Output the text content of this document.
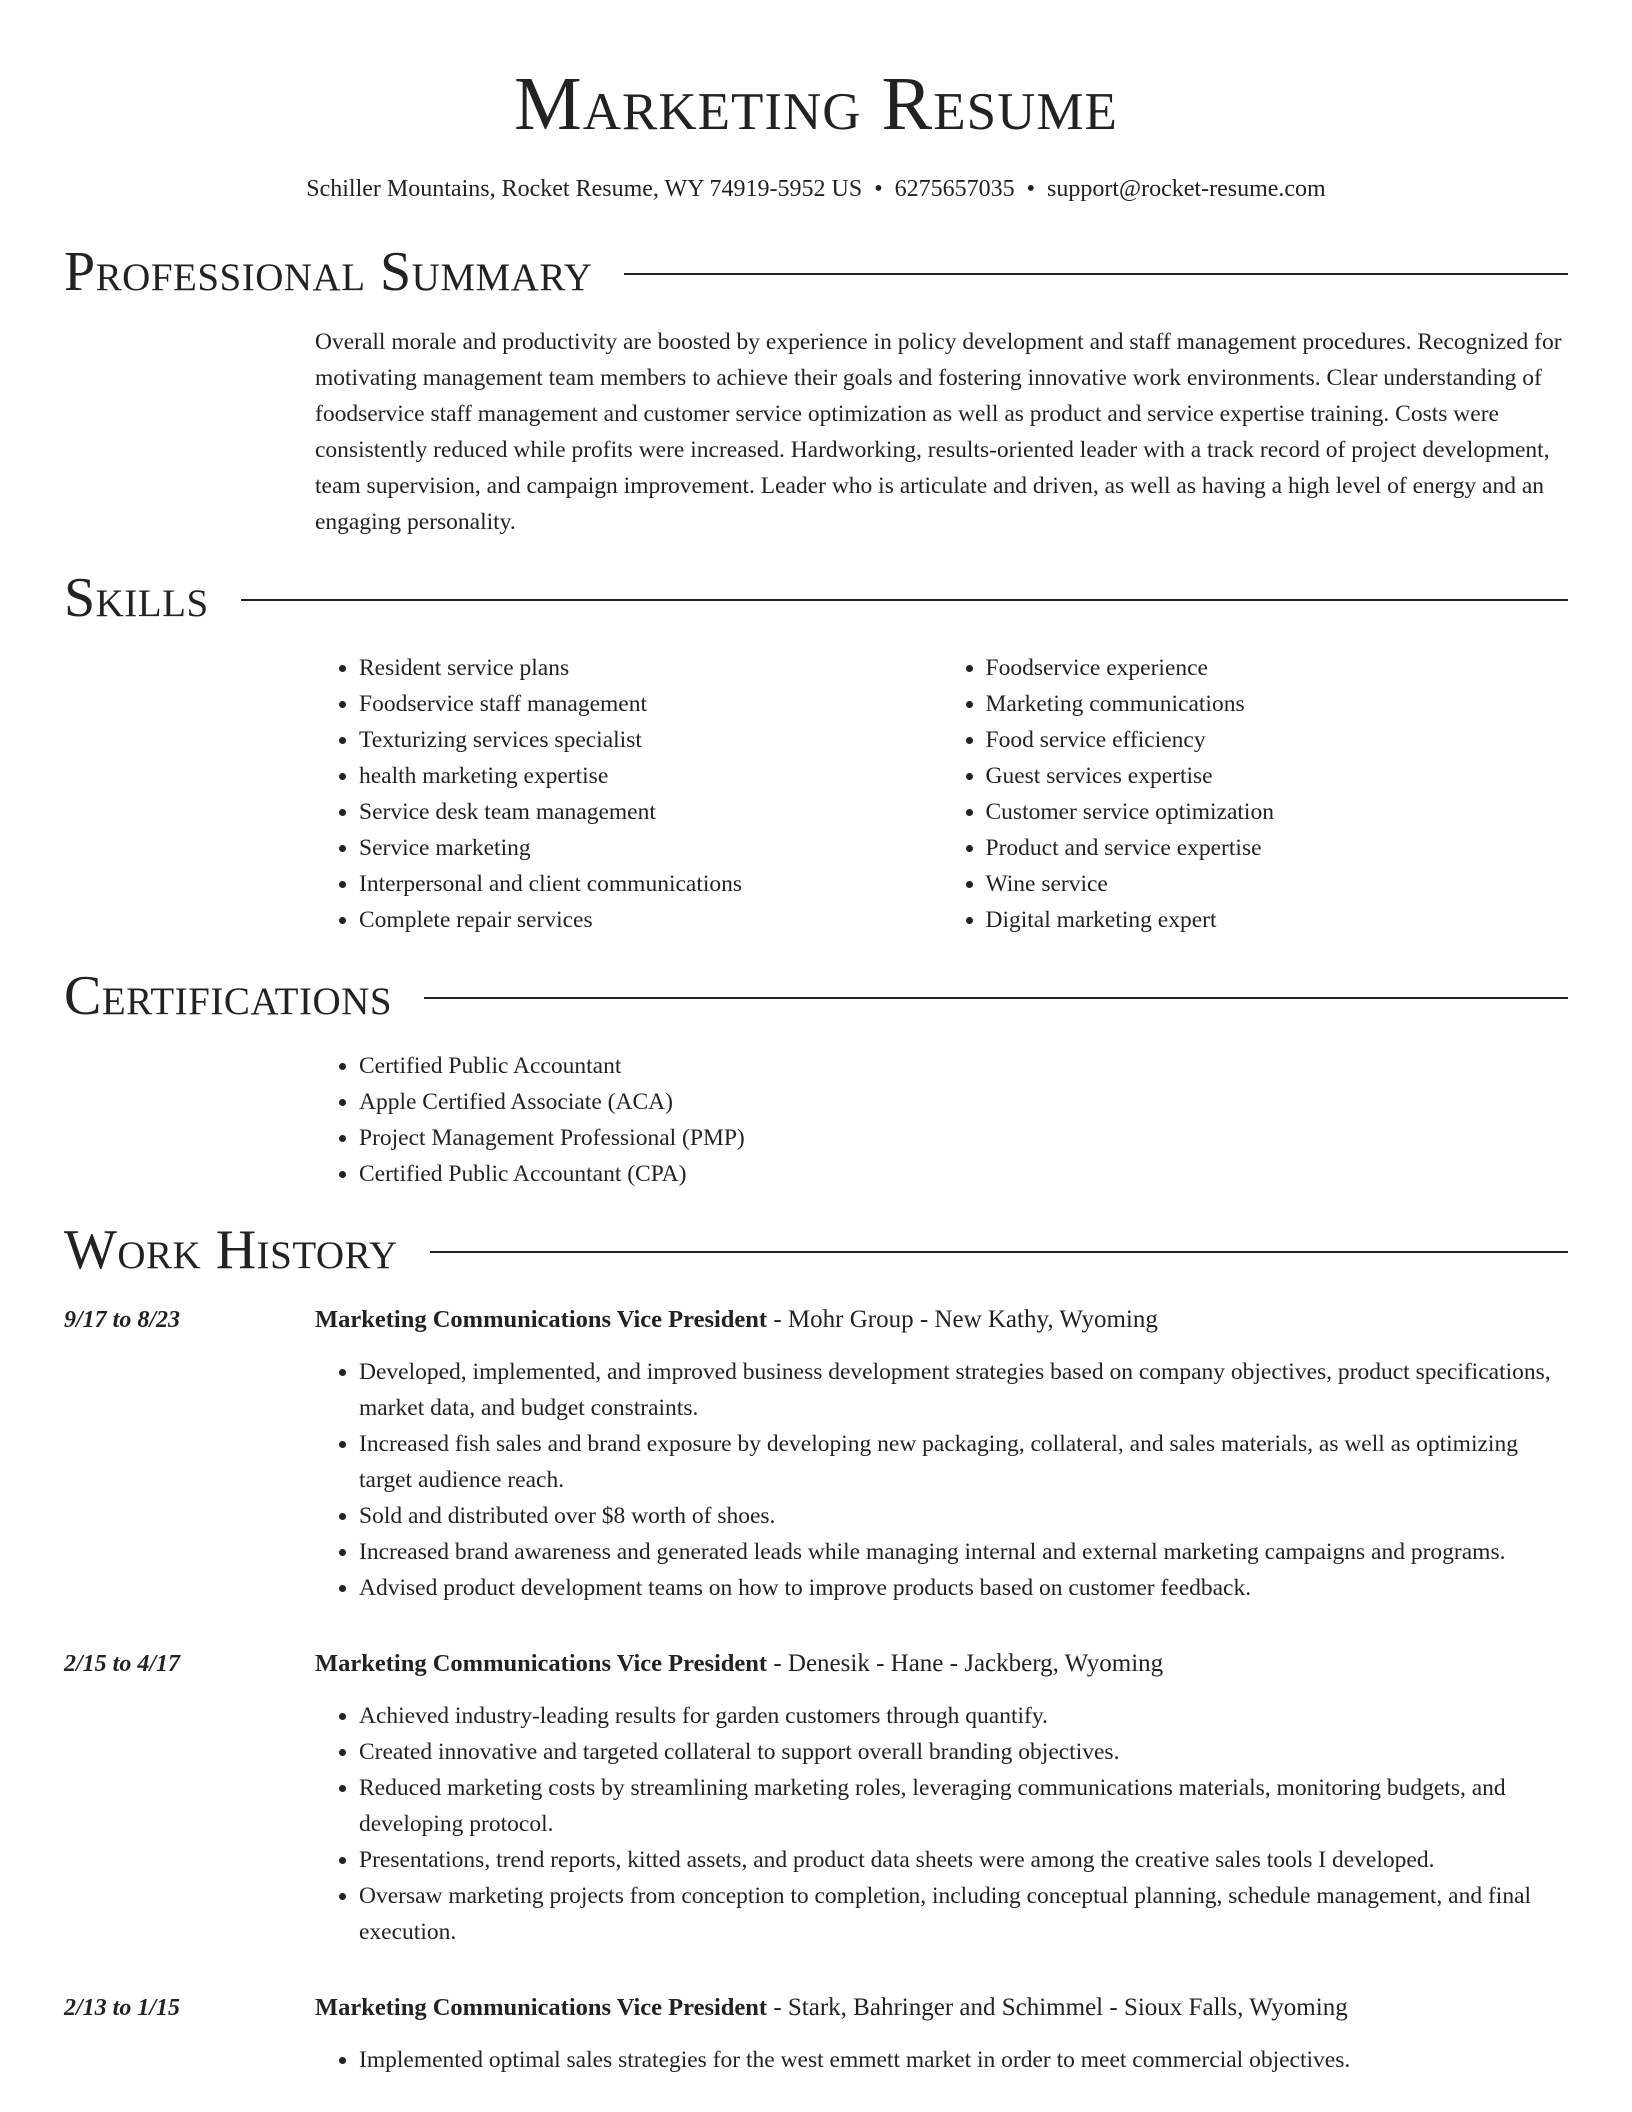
Marketing Resume
Schiller Mountains, Rocket Resume, WY 74919-5952 US • 6275657035 • support@rocket-resume.com
Professional Summary
Overall morale and productivity are boosted by experience in policy development and staff management procedures. Recognized for motivating management team members to achieve their goals and fostering innovative work environments. Clear understanding of foodservice staff management and customer service optimization as well as product and service expertise training. Costs were consistently reduced while profits were increased. Hardworking, results-oriented leader with a track record of project development, team supervision, and campaign improvement. Leader who is articulate and driven, as well as having a high level of energy and an engaging personality.
Skills
• Resident service plans
• Foodservice staff management
• Texturizing services specialist
• health marketing expertise
• Service desk team management
• Service marketing
• Interpersonal and client communications
• Complete repair services
• Foodservice experience
• Marketing communications
• Food service efficiency
• Guest services expertise
• Customer service optimization
• Product and service expertise
• Wine service
• Digital marketing expert
Certifications
• Certified Public Accountant
• Apple Certified Associate (ACA)
• Project Management Professional (PMP)
• Certified Public Accountant (CPA)
Work History
9/17 to 8/23	Marketing Communications Vice President - Mohr Group - New Kathy, Wyoming
• Developed, implemented, and improved business development strategies based on company objectives, product specifications, market data, and budget constraints.
• Increased fish sales and brand exposure by developing new packaging, collateral, and sales materials, as well as optimizing target audience reach.
• Sold and distributed over $8 worth of shoes.
• Increased brand awareness and generated leads while managing internal and external marketing campaigns and programs.
• Advised product development teams on how to improve products based on customer feedback.
2/15 to 4/17	Marketing Communications Vice President - Denesik - Hane - Jackberg, Wyoming
• Achieved industry-leading results for garden customers through quantify.
• Created innovative and targeted collateral to support overall branding objectives.
• Reduced marketing costs by streamlining marketing roles, leveraging communications materials, monitoring budgets, and developing protocol.
• Presentations, trend reports, kitted assets, and product data sheets were among the creative sales tools I developed.
• Oversaw marketing projects from conception to completion, including conceptual planning, schedule management, and final execution.
2/13 to 1/15	Marketing Communications Vice President - Stark, Bahringer and Schimmel - Sioux Falls, Wyoming
• Implemented optimal sales strategies for the west emmett market in order to meet commercial objectives.
